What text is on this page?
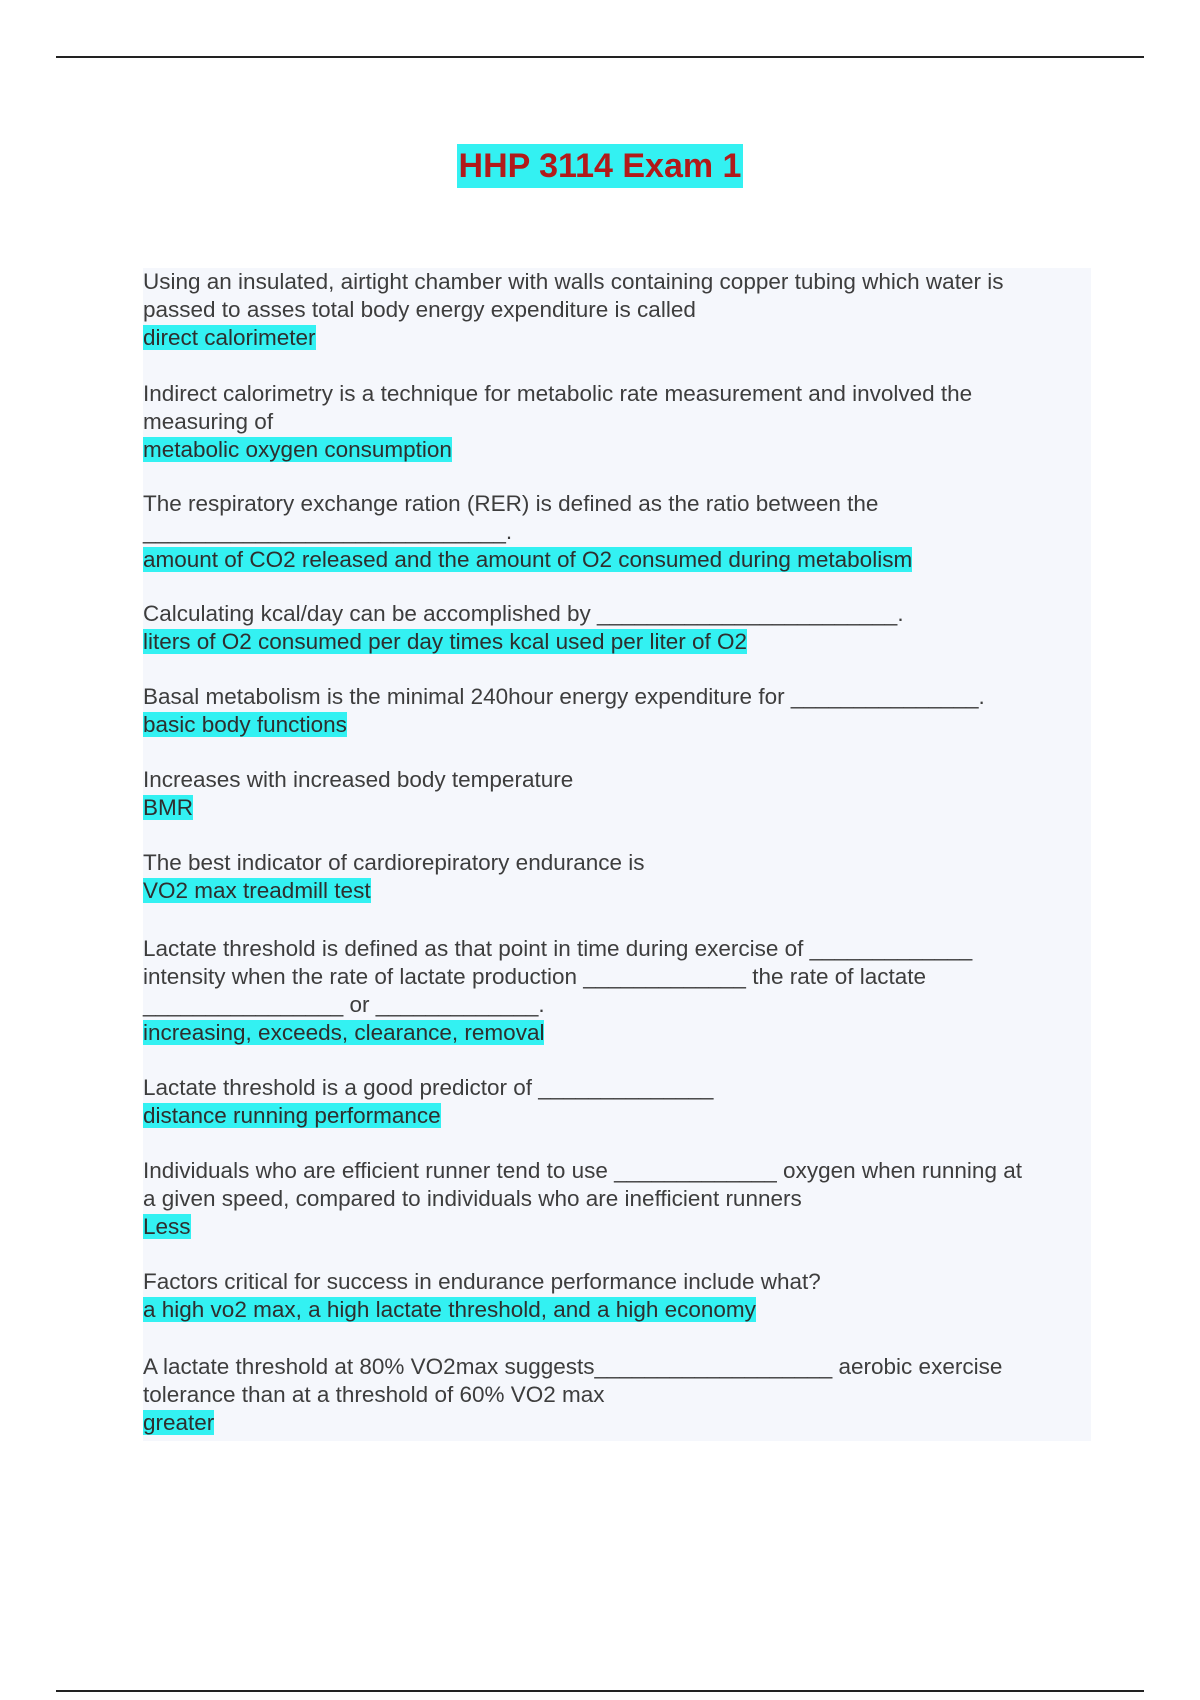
HHP 3114 Exam 1
Using an insulated, airtight chamber with walls containing copper tubing which water is
passed to asses total body energy expenditure is called
direct calorimeter
Indirect calorimetry is a technique for metabolic rate measurement and involved the
measuring of
metabolic oxygen consumption
The respiratory exchange ration (RER) is defined as the ratio between the
_____________________________.
amount of CO2 released and the amount of O2 consumed during metabolism
Calculating kcal/day can be accomplished by ________________________.
liters of O2 consumed per day times kcal used per liter of O2
Basal metabolism is the minimal 240hour energy expenditure for _______________.
basic body functions
Increases with increased body temperature
BMR
The best indicator of cardiorepiratory endurance is
VO2 max treadmill test
Lactate threshold is defined as that point in time during exercise of _____________
intensity when the rate of lactate production _____________ the rate of lactate
________________ or _____________.
increasing, exceeds, clearance, removal
Lactate threshold is a good predictor of ______________
distance running performance
Individuals who are efficient runner tend to use _____________ oxygen when running at
a given speed, compared to individuals who are inefficient runners
Less
Factors critical for success in endurance performance include what?
a high vo2 max, a high lactate threshold, and a high economy
A lactate threshold at 80% VO2max suggests___________________ aerobic exercise
tolerance than at a threshold of 60% VO2 max
greater
